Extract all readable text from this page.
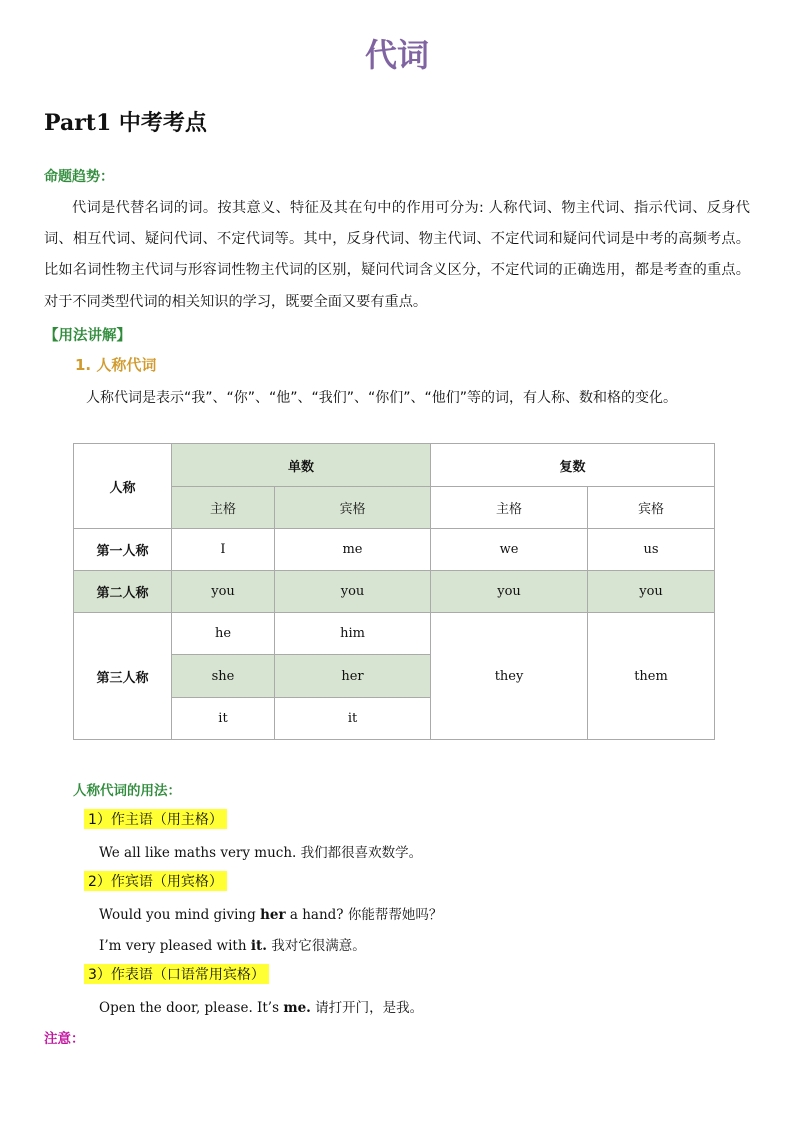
代词
Part1 中考考点
命题趋势：

代词是代替名词的词。按其意义、特征及其在句中的作用可分为: 人称代词、物主代词、指示代词、反身代词、相互代词、疑问代词、不定代词等。其中，反身代词、物主代词、不定代词和疑问代词是中考的高频考点。比如名词性物主代词与形容词性物主代词的区别，疑问代词含义区分，不定代词的正确选用，都是考查的重点。对于不同类型代词的相关知识的学习，既要全面又要有重点。

【用法讲解】
1. 人称代词
人称代词是表示“我”、“你”、“他”、“我们”、“你们”、“他们”等的词，有人称、数和格的变化。
人称	单数		复数	
	主格	宾格	主格	宾格
第一人称	I	me	we	us
第二人称	you	you	you	you
第三人称	he	him	they	them
	she	her		
	it	it		
人称代词的用法：
1）作主语（用主格）
We all like maths very much. 我们都很喜欢数学。
2）作宾语（用宾格）
Would you mind giving her a hand? 你能帮帮她吗？
I’m very pleased with it. 我对它很满意。
3）作表语（口语常用宾格）
Open the door, please. It’s me. 请打开门，是我。
注意：
